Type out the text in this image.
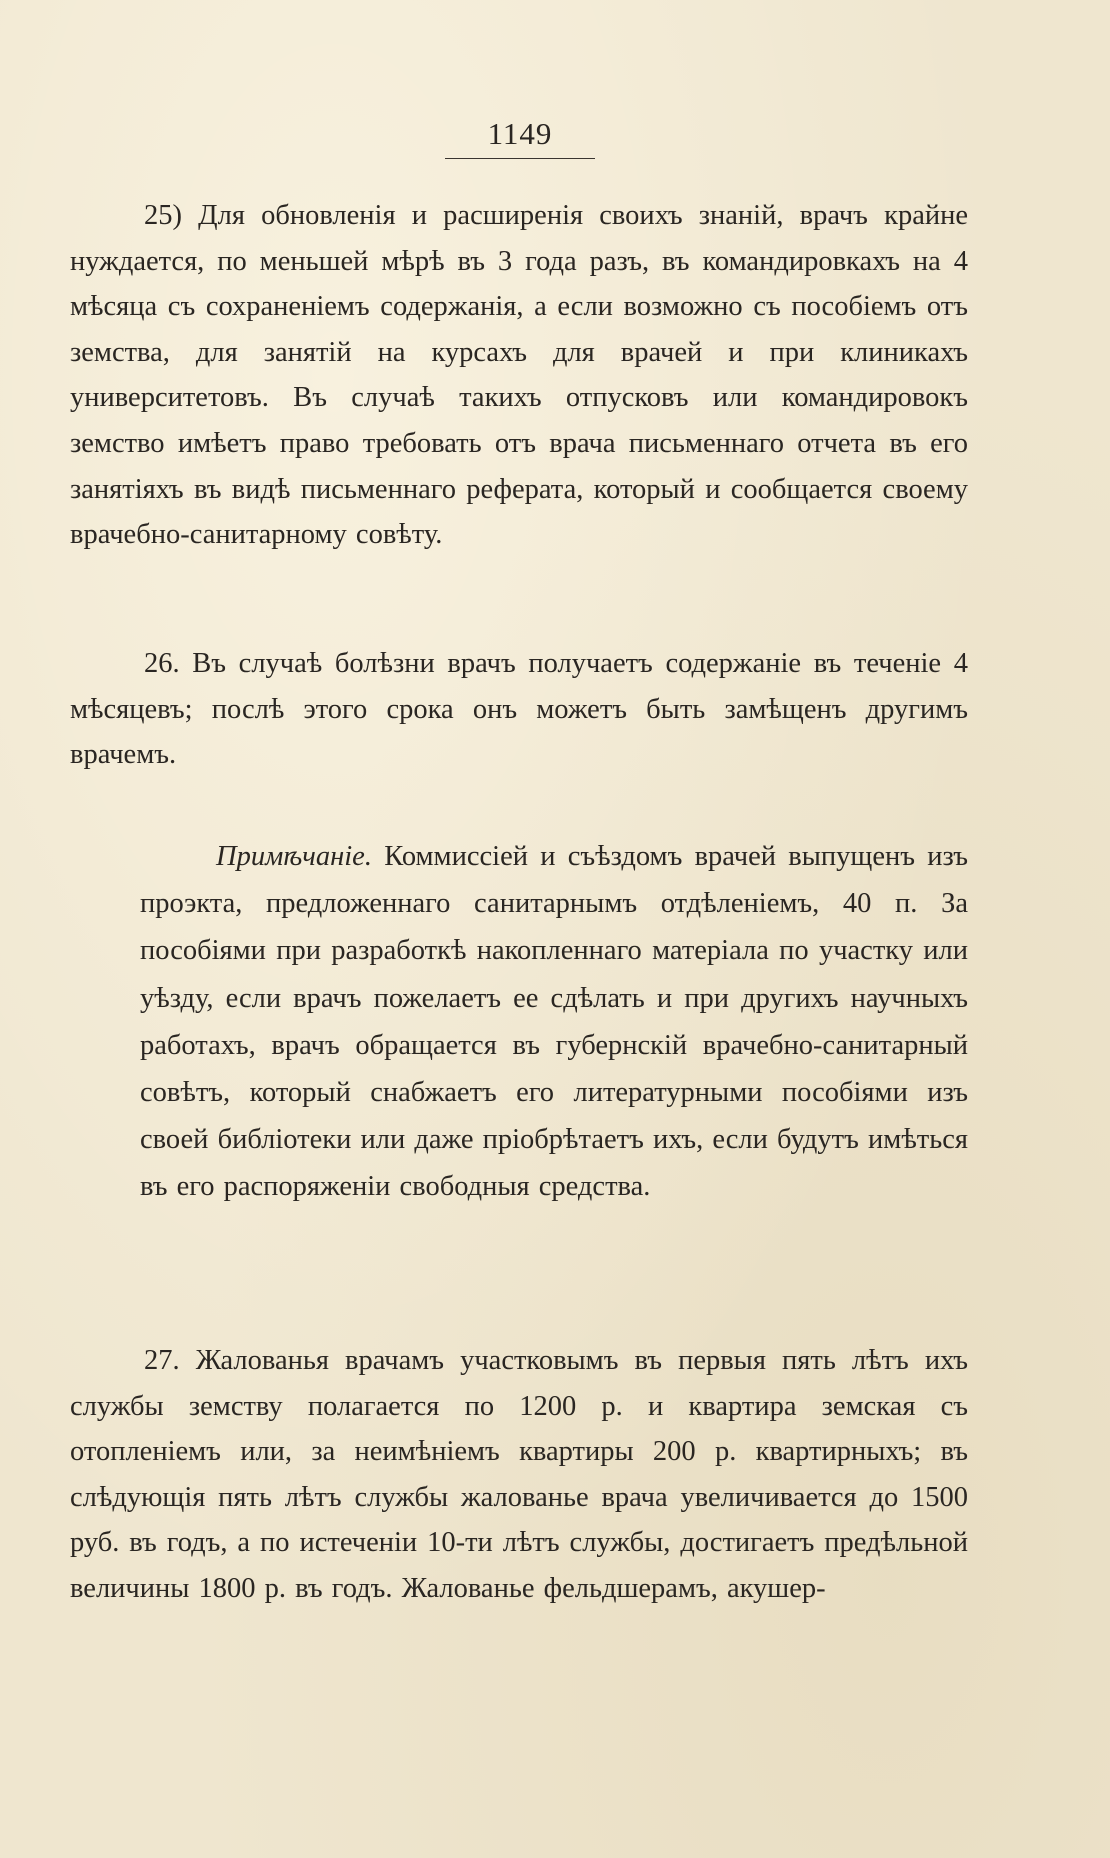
1149

25) Для обновленія и расширенія своихъ знаній, врачъ крайне нуждается, по меньшей мѣрѣ въ 3 года разъ, въ командировкахъ на 4 мѣсяца съ сохраненіемъ содержанія, а если возможно съ пособіемъ отъ земства, для занятій на курсахъ для врачей и при клиникахъ университетовъ. Въ случаѣ такихъ отпусковъ или командировокъ земство имѣетъ право требовать отъ врача письменнаго отчета въ его занятіяхъ въ видѣ письменнаго реферата, который и сообщается своему врачебно-санитарному совѣту.

26. Въ случаѣ болѣзни врачъ получаетъ содержаніе въ теченіе 4 мѣсяцевъ; послѣ этого срока онъ можетъ быть замѣщенъ другимъ врачемъ.

Примѣчаніе. Коммиссіей и съѣздомъ врачей выпущенъ изъ проэкта, предложеннаго санитарнымъ отдѣленіемъ, 40 п. За пособіями при разработкѣ накопленнаго матеріала по участку или уѣзду, если врачъ пожелаетъ ее сдѣлать и при другихъ научныхъ работахъ, врачъ обращается въ губернскій врачебно-санитарный совѣтъ, который снабжаетъ его литературными пособіями изъ своей библіотеки или даже пріобрѣтаетъ ихъ, если будутъ имѣться въ его распоряженіи свободныя средства.

27. Жалованья врачамъ участковымъ въ первыя пять лѣтъ ихъ службы земству полагается по 1200 р. и квартира земская съ отопленіемъ или, за неимѣніемъ квартиры 200 р. квартирныхъ; въ слѣдующія пять лѣтъ службы жалованье врача увеличивается до 1500 руб. въ годъ, а по истеченіи 10-ти лѣтъ службы, достигаетъ предѣльной величины 1800 р. въ годъ. Жалованье фельдшерамъ, акушер-
